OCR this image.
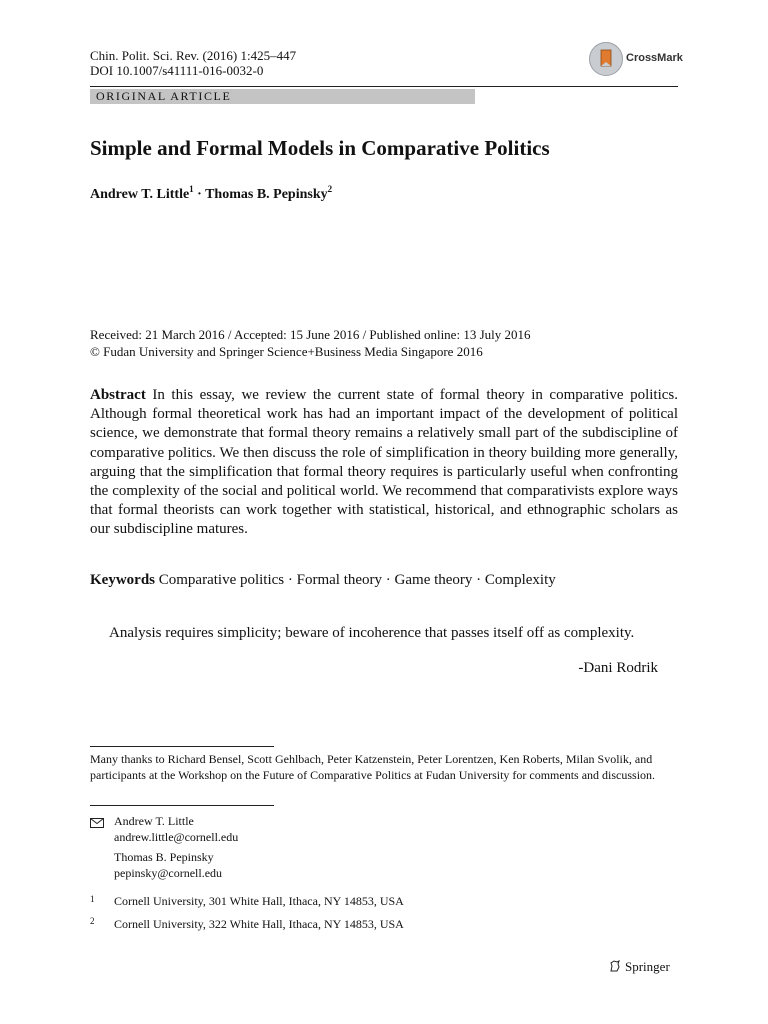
Chin. Polit. Sci. Rev. (2016) 1:425–447
DOI 10.1007/s41111-016-0032-0
CrossMark
ORIGINAL ARTICLE
Simple and Formal Models in Comparative Politics
Andrew T. Little$^1$ · Thomas B. Pepinsky$^2$
Received: 21 March 2016 / Accepted: 15 June 2016 / Published online: 13 July 2016
© Fudan University and Springer Science+Business Media Singapore 2016
Abstract In this essay, we review the current state of formal theory in comparative politics. Although formal theoretical work has had an important impact of the development of political science, we demonstrate that formal theory remains a relatively small part of the subdiscipline of comparative politics. We then discuss the role of simplification in theory building more generally, arguing that the simplification that formal theory requires is particularly useful when confronting the complexity of the social and political world. We recommend that comparativists explore ways that formal theorists can work together with statistical, historical, and ethnographic scholars as our subdiscipline matures.
Keywords Comparative politics · Formal theory · Game theory · Complexity
Analysis requires simplicity; beware of incoherence that passes itself off as complexity.
-Dani Rodrik
Many thanks to Richard Bensel, Scott Gehlbach, Peter Katzenstein, Peter Lorentzen, Ken Roberts, Milan Svolik, and participants at the Workshop on the Future of Comparative Politics at Fudan University for comments and discussion.
Andrew T. Little
andrew.little@cornell.edu
Thomas B. Pepinsky
pepinsky@cornell.edu
1 Cornell University, 301 White Hall, Ithaca, NY 14853, USA
2 Cornell University, 322 White Hall, Ithaca, NY 14853, USA
Springer
